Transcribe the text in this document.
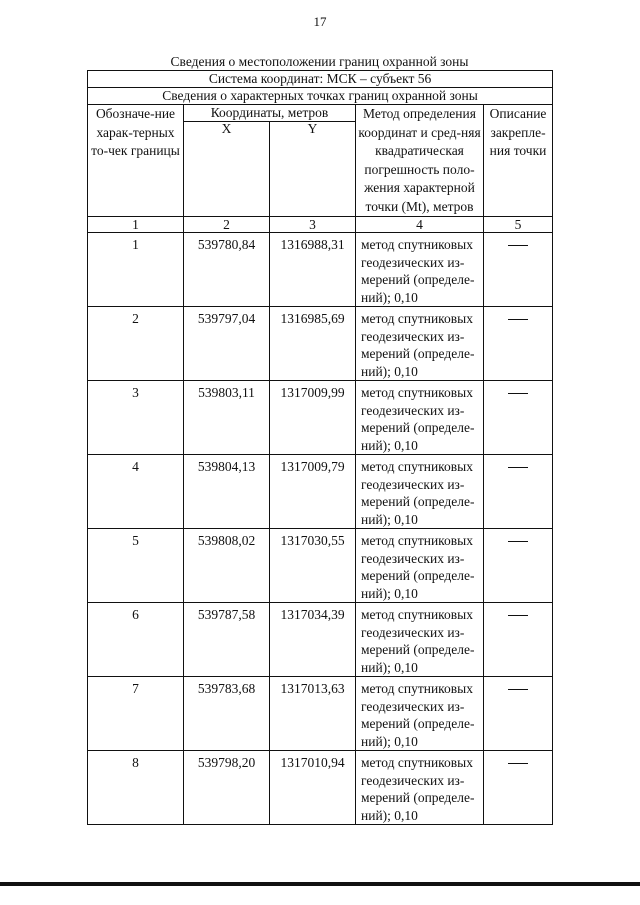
17
Сведения о местоположении границ охранной зоны
Система координат: МСК – субъект 56				
Сведения о характерных точках границ охранной зоны				
Обозначе-ние харак-терных то-чек границы	Координаты, метров		Метод определения координат и сред-няя квадратическая погрешность поло-жения характерной точки (Mt), метров	Описание закрепле-ния точки
	X	Y		
1	2	3	4	5
1	539780,84	1316988,31	метод спутниковых геодезических из-мерений (определе-ний); 0,10	
2	539797,04	1316985,69	метод спутниковых геодезических из-мерений (определе-ний); 0,10	
3	539803,11	1317009,99	метод спутниковых геодезических из-мерений (определе-ний); 0,10	
4	539804,13	1317009,79	метод спутниковых геодезических из-мерений (определе-ний); 0,10	
5	539808,02	1317030,55	метод спутниковых геодезических из-мерений (определе-ний); 0,10	
6	539787,58	1317034,39	метод спутниковых геодезических из-мерений (определе-ний); 0,10	
7	539783,68	1317013,63	метод спутниковых геодезических из-мерений (определе-ний); 0,10	
8	539798,20	1317010,94	метод спутниковых геодезических из-мерений (определе-ний); 0,10	
